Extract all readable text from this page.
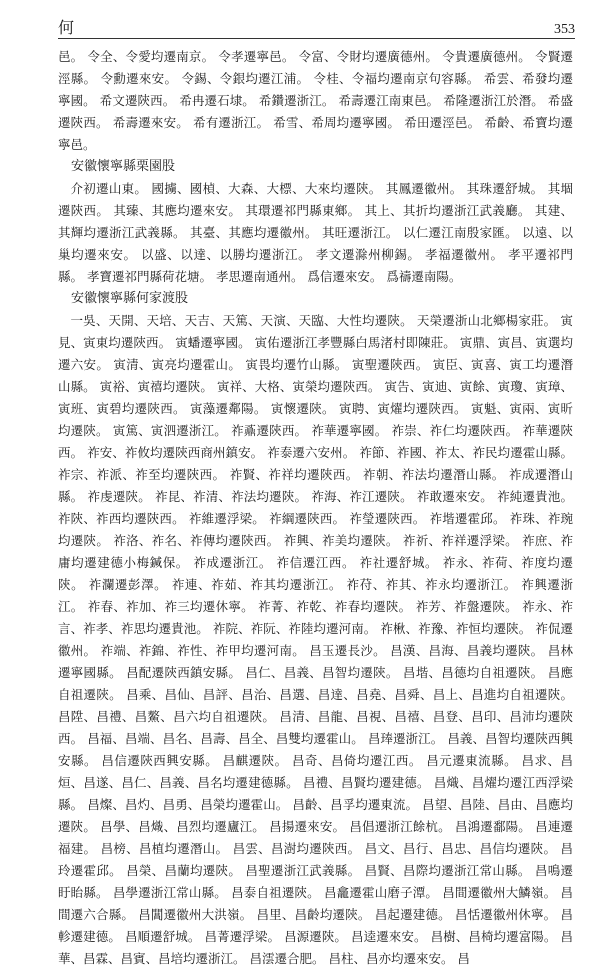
何	353

邑。 令全、令愛均遷南京。 令孝遷寧邑。 令富、令財均遷廣德州。 令貴遷廣德州。 令賢遷涇縣。 令勳遷來安。 令錫、令銀均遷江浦。 令桂、令福均遷南京句容縣。 希雲、希發均遷寧國。 希文遷陝西。 希冉遷石埭。 希鑽遷浙江。 希壽遷江南東邑。 希隆遷浙江於潛。 希盛遷陝西。 希壽遷來安。 希有遷浙江。 希雪、希周均遷寧國。 希田遷涇邑。 希齡、希寶均遷寧邑。

安徽懷寧縣栗園股

介初遷山東。 國擄、國楨、大森、大標、大來均遷陝。 其鳳遷徽州。 其珠遷舒城。 其堌遷陝西。 其臻、其應均遷來安。 其環遷祁門縣東鄉。 其上、其折均遷浙江武義廳。 其建、其輝均遷浙江武義縣。 其臺、其應均遷徽州。 其旺遷浙江。 以仁遷江南殷家匯。 以遠、以巢均遷來安。 以盛、以達、以勝均遷浙江。 孝文遷滁州柳錫。 孝福遷徽州。 孝平遷祁門縣。 孝寶遷祁門縣荷花塘。 孝思遷南通州。 爲信遷來安。 爲禱遷南陽。

安徽懷寧縣何家渡股

一吳、天開、天培、天吉、天篤、天演、天臨、大性均遷陝。 天榮遷浙山北鄉楊家莊。 寅見、寅東均遷陝西。 寅蟠遷寧國。 寅佑遷浙江孝豐縣白馬渚村即陳莊。 寅鼎、寅昌、寅選均遷六安。 寅清、寅亮均遷霍山。 寅畏均遷竹山縣。 寅聖遷陝西。 寅臣、寅喜、寅工均遷潛山縣。 寅裕、寅禧均遷陝。 寅祥、大格、寅榮均遷陝西。 寅告、寅迪、寅餘、寅瓊、寅璋、寅班、寅碧均遷陝西。 寅藻遷鄰陽。 寅懷遷陝。 寅聘、寅燿均遷陝西。 寅魁、寅兩、寅昕均遷陝。 寅篤、寅泗遷浙江。 祚鼒遷陝西。 祚華遷寧國。 祚崇、祚仁均遷陝西。 祚華遷陝西。 祚安、祚攸均遷陝西商州鎮安。 祚泰遷六安州。 祚節、祚國、祚太、祚民均遷霍山縣。 祚宗、祚派、祚至均遷陝西。 祚賢、祚祥均遷陝西。 祚朝、祚法均遷潛山縣。 祚成遷潛山縣。 祚虔遷陝。 祚昆、祚清、祚法均遷陝。 祚海、祚江遷陝。 祚敢遷來安。 祚純遷貴池。 祚陝、祚西均遷陝西。 祚維遷浮梁。 祚綱遷陝西。 祚瑩遷陝西。 祚堦遷霍邱。 祚珠、祚琬均遷陝。 祚洛、祚名、祚傳均遷陝西。 祚興、祚美均遷陝。 祚祈、祚祥遷浮梁。 祚庶、祚庸均遷建德小梅鍼保。 祚成遷浙江。 祚信遷江西。 祚社遷舒城。 祚永、祚荷、祚度均遷陝。 祚瀾遷彭澤。 祚連、祚茹、祚其均遷浙江。 祚苻、祚其、祚永均遷浙江。 祚興遷浙江。 祚春、祚加、祚三均遷休寧。 祚菁、祚乾、祚春均遷陝。 祚芳、祚盤遷陝。 祚永、祚言、祚孝、祚思均遷貴池。 祚院、祚阮、祚陸均遷河南。 祚楸、祚豫、祚恒均遷陝。 祚侃遷徽州。 祚端、祚錦、祚性、祚甲均遷河南。 昌玉遷長沙。 昌漢、昌海、昌義均遷陝。 昌林遷寧國縣。 昌配遷陝西鎮安縣。 昌仁、昌義、昌智均遷陝。 昌堦、昌德均自祖遷陝。 昌應自祖遷陝。 昌乘、昌仙、昌評、昌治、昌選、昌達、昌堯、昌舜、昌上、昌進均自祖遷陝。 昌陞、昌禮、昌鰲、昌六均自祖遷陝。 昌清、昌龍、昌視、昌禧、昌登、昌印、昌沛均遷陝西。 昌福、昌端、昌名、昌壽、昌全、昌雙均遷霍山。 昌琫遷浙江。 昌義、昌智均遷陝西興安縣。 昌信遷陝西興安縣。 昌麒遷陝。 昌奇、昌倚均遷江西。 昌元遷東流縣。 昌求、昌烜、昌遂、昌仁、昌義、昌名均遷建德縣。 昌禮、昌賢均遷建德。 昌熾、昌燿均遷江西浮梁縣。 昌燦、昌灼、昌勇、昌榮均遷霍山。 昌齡、昌孚均遷東流。 昌望、昌陸、昌由、昌應均遷陝。 昌學、昌熾、昌烈均遷廬江。 昌揚遷來安。 昌倡遷浙江餘杭。 昌鴻遷鄱陽。 昌連遷福建。 昌榜、昌植均遷潛山。 昌雲、昌澍均遷陝西。 昌文、昌行、昌忠、昌信均遷陝。 昌玲遷霍邱。 昌榮、昌蘭均遷陝。 昌聖遷浙江武義縣。 昌賢、昌際均遷浙江常山縣。 昌鳴遷盱眙縣。 昌學遷浙江常山縣。 昌泰自祖遷陝。 昌龕遷霍山磨子潭。 昌間遷徽州大鱗嶺。 昌間遷六合縣。 昌閶遷徽州大洪嶺。 昌里、昌齡均遷陝。 昌起遷建德。 昌恬遷徽州休寧。 昌軫遷建德。 昌順遷舒城。 昌菁遷浮梁。 昌源遷陝。 昌逵遷來安。 昌樹、昌椅均遷富陽。 昌華、昌霖、昌賓、昌培均遷浙江。 昌澐遷合肥。 昌柱、昌亦均遷來安。 昌
